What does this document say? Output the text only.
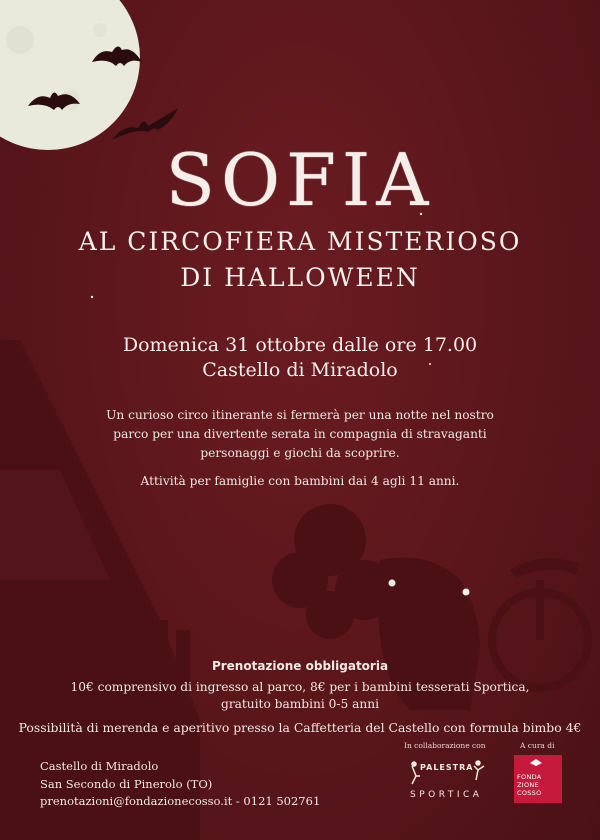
SOFIA
AL CIRCOFIERA MISTERIOSO
DI HALLOWEEN
Domenica 31 ottobre dalle ore 17.00
Castello di Miradolo

Un curioso circo itinerante si fermerà per una notte nel nostro parco per una divertente serata in compagnia di stravaganti personaggi e giochi da scoprire.

Attività per famiglie con bambini dai 4 agli 11 anni.

Prenotazione obbligatoria
10€ comprensivo di ingresso al parco, 8€ per i bambini tesserati Sportica,
gratuito bambini 0-5 anni
Possibilità di merenda e aperitivo presso la Caffetteria del Castello con formula bimbo 4€
Castello di Miradolo
San Secondo di Pinerolo (TO)
prenotazioni@fondazionecosso.it - 0121 502761
In collaborazione con	A cura di
PALESTRA
SPORTICA
FONDA
ZIONE
COSSO
